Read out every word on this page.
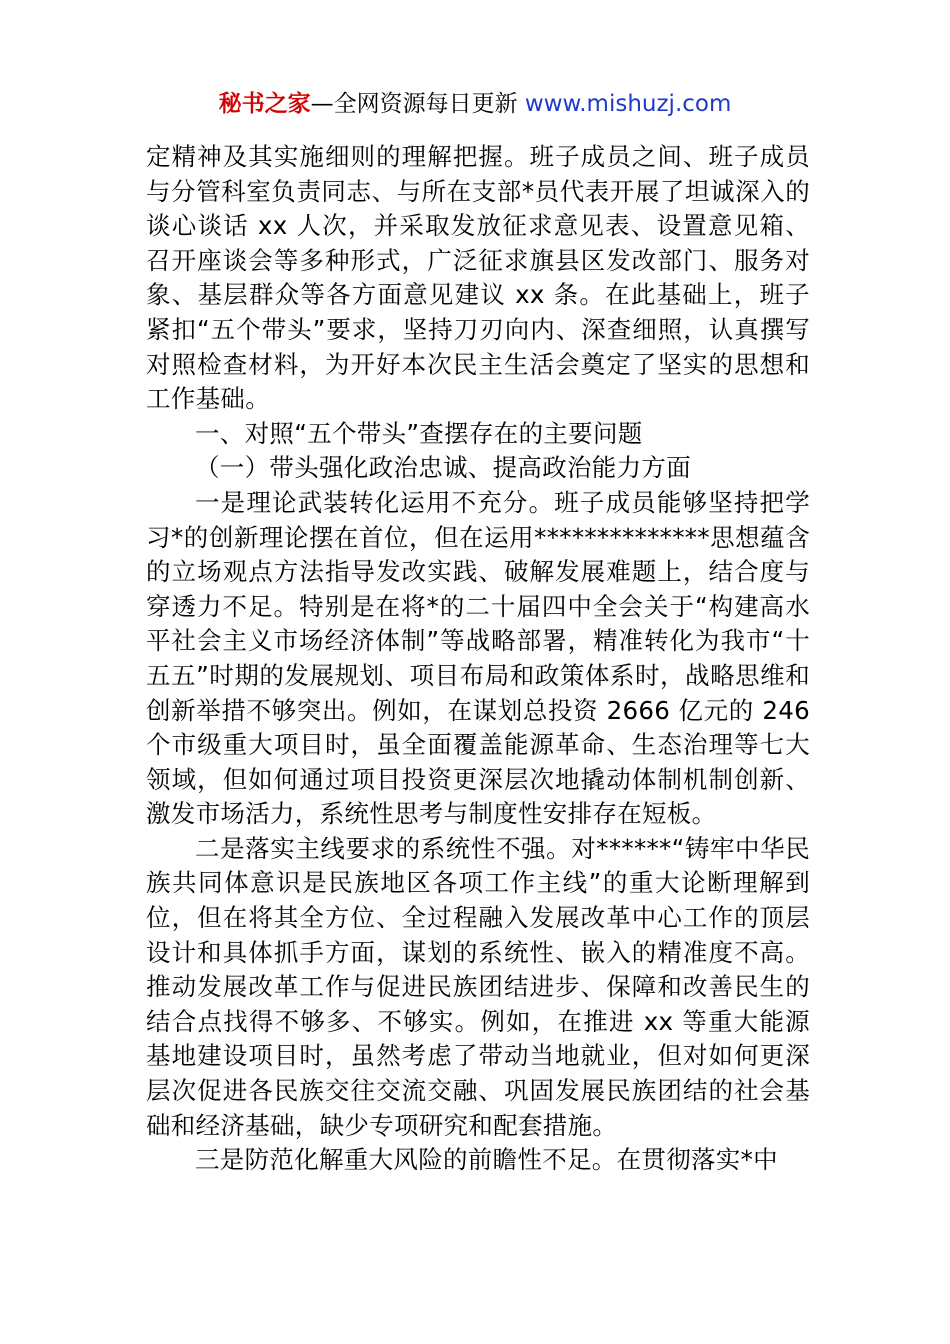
秘书之家—全网资源每日更新 www.mishuzj.com

定精神及其实施细则的理解把握。班子成员之间、班子成员与分管科室负责同志、与所在支部*员代表开展了坦诚深入的谈心谈话 xx 人次，并采取发放征求意见表、设置意见箱、召开座谈会等多种形式，广泛征求旗县区发改部门、服务对象、基层群众等各方面意见建议 xx 条。在此基础上，班子紧扣“五个带头”要求，坚持刀刃向内、深查细照，认真撰写对照检查材料，为开好本次民主生活会奠定了坚实的思想和工作基础。

一、对照“五个带头”查摆存在的主要问题

（一）带头强化政治忠诚、提高政治能力方面

一是理论武装转化运用不充分。班子成员能够坚持把学习*的创新理论摆在首位，但在运用**************思想蕴含的立场观点方法指导发改实践、破解发展难题上，结合度与穿透力不足。特别是在将*的二十届四中全会关于“构建高水平社会主义市场经济体制”等战略部署，精准转化为我市“十五五”时期的发展规划、项目布局和政策体系时，战略思维和创新举措不够突出。例如，在谋划总投资 2666 亿元的 246 个市级重大项目时，虽全面覆盖能源革命、生态治理等七大领域，但如何通过项目投资更深层次地撬动体制机制创新、激发市场活力，系统性思考与制度性安排存在短板。

二是落实主线要求的系统性不强。对******“铸牢中华民族共同体意识是民族地区各项工作主线”的重大论断理解到位，但在将其全方位、全过程融入发展改革中心工作的顶层设计和具体抓手方面，谋划的系统性、嵌入的精准度不高。推动发展改革工作与促进民族团结进步、保障和改善民生的结合点找得不够多、不够实。例如，在推进 xx 等重大能源基地建设项目时，虽然考虑了带动当地就业，但对如何更深层次促进各民族交往交流交融、巩固发展民族团结的社会基础和经济基础，缺少专项研究和配套措施。

三是防范化解重大风险的前瞻性不足。在贯彻落实*中
